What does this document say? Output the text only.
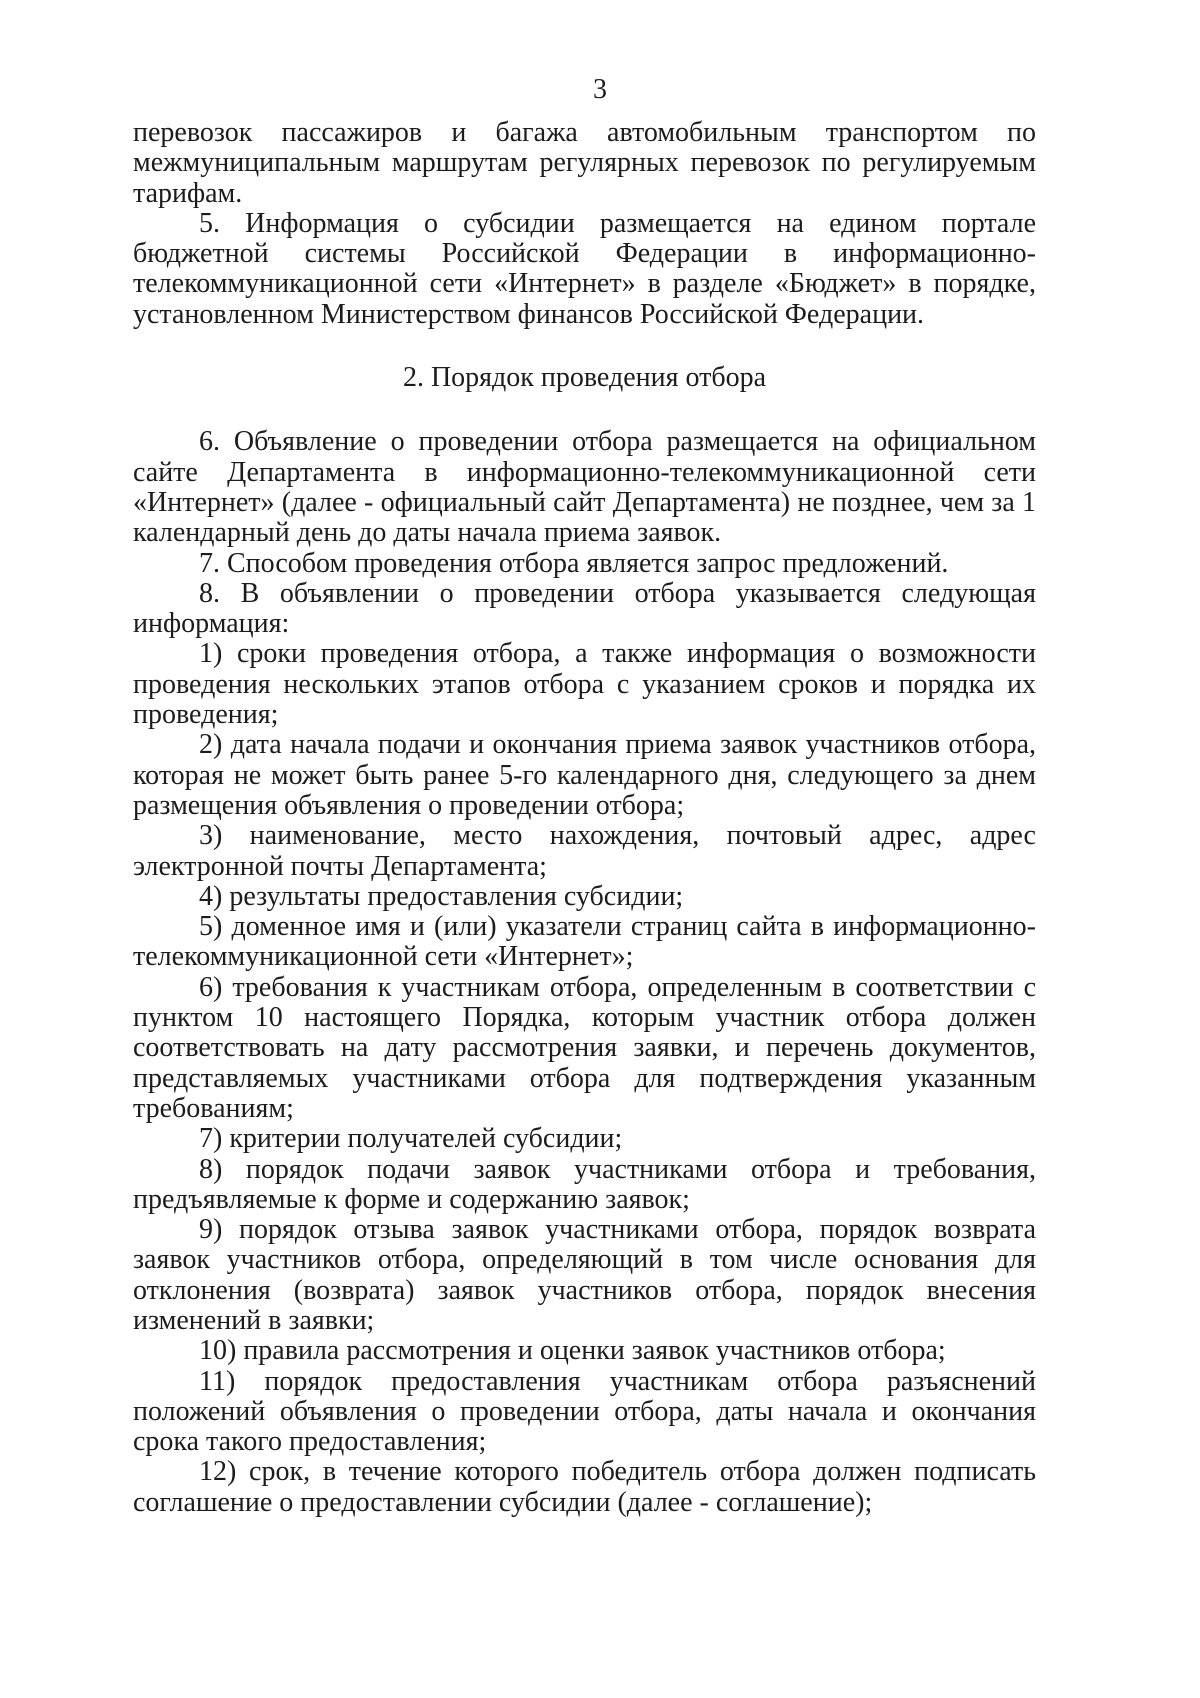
3

перевозок пассажиров и багажа автомобильным транспортом по межмуниципальным маршрутам регулярных перевозок по регулируемым тарифам.

5. Информация о субсидии размещается на едином портале бюджетной системы Российской Федерации в информационно-телекоммуникационной сети «Интернет» в разделе «Бюджет» в порядке, установленном Министерством финансов Российской Федерации.

2. Порядок проведения отбора

6. Объявление о проведении отбора размещается на официальном сайте Департамента в информационно-телекоммуникационной сети «Интернет» (далее - официальный сайт Департамента) не позднее, чем за 1 календарный день до даты начала приема заявок.

7. Способом проведения отбора является запрос предложений.

8. В объявлении о проведении отбора указывается следующая информация:

1) сроки проведения отбора, а также информация о возможности проведения нескольких этапов отбора с указанием сроков и порядка их проведения;

2) дата начала подачи и окончания приема заявок участников отбора, которая не может быть ранее 5-го календарного дня, следующего за днем размещения объявления о проведении отбора;

3) наименование, место нахождения, почтовый адрес, адрес электронной почты Департамента;

4) результаты предоставления субсидии;

5) доменное имя и (или) указатели страниц сайта в информационно-телекоммуникационной сети «Интернет»;

6) требования к участникам отбора, определенным в соответствии с пунктом 10 настоящего Порядка, которым участник отбора должен соответствовать на дату рассмотрения заявки, и перечень документов, представляемых участниками отбора для подтверждения указанным требованиям;

7) критерии получателей субсидии;

8) порядок подачи заявок участниками отбора и требования, предъявляемые к форме и содержанию заявок;

9) порядок отзыва заявок участниками отбора, порядок возврата заявок участников отбора, определяющий в том числе основания для отклонения (возврата) заявок участников отбора, порядок внесения изменений в заявки;

10) правила рассмотрения и оценки заявок участников отбора;

11) порядок предоставления участникам отбора разъяснений положений объявления о проведении отбора, даты начала и окончания срока такого предоставления;

12) срок, в течение которого победитель отбора должен подписать соглашение о предоставлении субсидии (далее - соглашение);
